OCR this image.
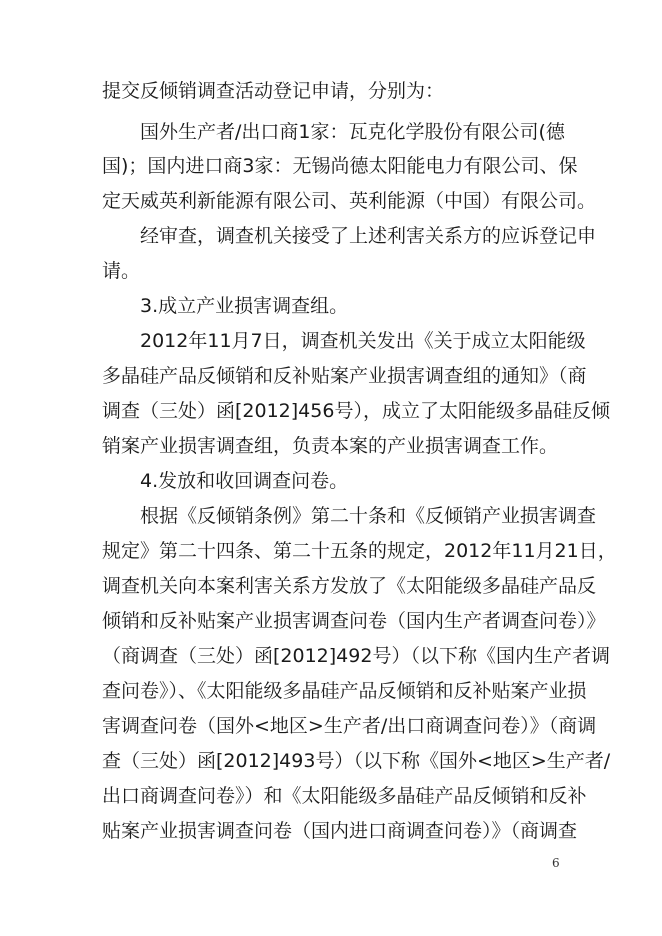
提交反倾销调查活动登记申请，分别为：
国外生产者/出口商1家：瓦克化学股份有限公司(德
国)；国内进口商3家：无锡尚德太阳能电力有限公司、保
定天威英利新能源有限公司、英利能源（中国）有限公司。
经审查，调查机关接受了上述利害关系方的应诉登记申
请。
3.成立产业损害调查组。
2012年11月7日，调查机关发出《关于成立太阳能级
多晶硅产品反倾销和反补贴案产业损害调查组的通知》（商
调查（三处）函[2012]456号），成立了太阳能级多晶硅反倾
销案产业损害调查组，负责本案的产业损害调查工作。
4.发放和收回调查问卷。
根据《反倾销条例》第二十条和《反倾销产业损害调查
规定》第二十四条、第二十五条的规定，2012年11月21日，
调查机关向本案利害关系方发放了《太阳能级多晶硅产品反
倾销和反补贴案产业损害调查问卷（国内生产者调查问卷）》
（商调查（三处）函[2012]492号）（以下称《国内生产者调
查问卷》）、《太阳能级多晶硅产品反倾销和反补贴案产业损
害调查问卷（国外<地区>生产者/出口商调查问卷）》（商调
查（三处）函[2012]493号）（以下称《国外<地区>生产者/
出口商调查问卷》）和《太阳能级多晶硅产品反倾销和反补
贴案产业损害调查问卷（国内进口商调查问卷）》（商调查
6
